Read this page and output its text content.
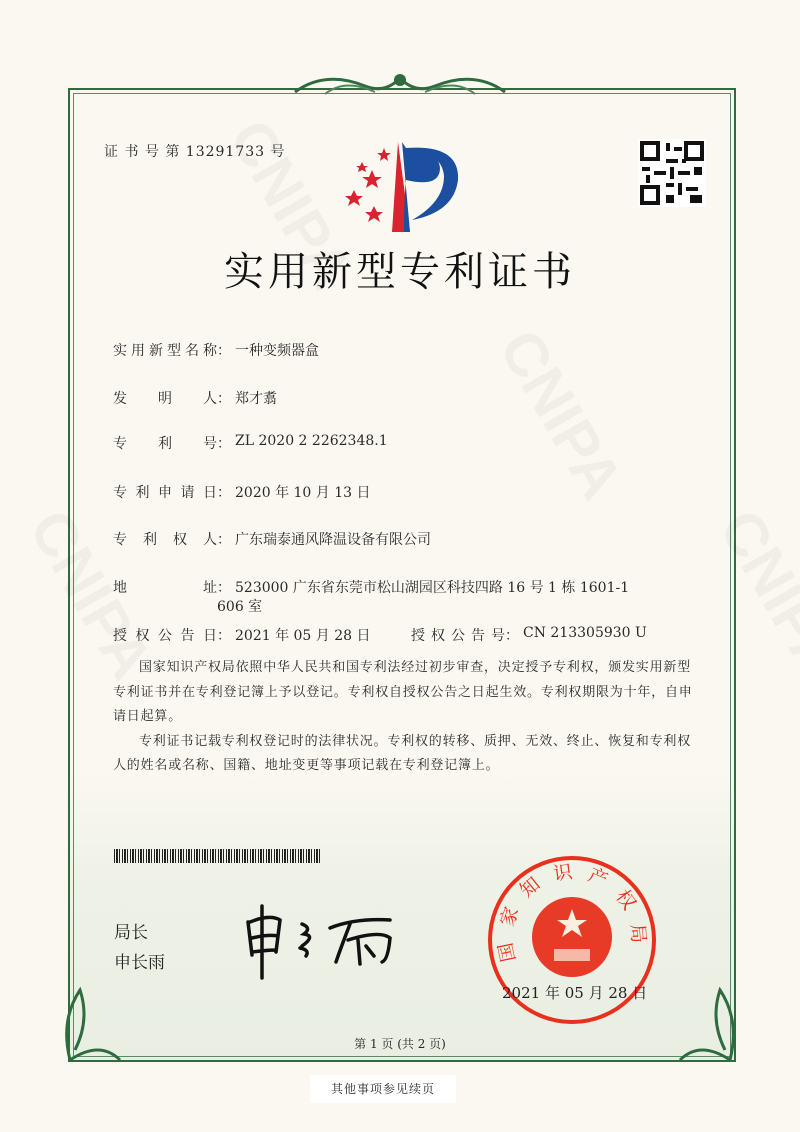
证 书 号 第 13291733 号
实用新型专利证书
实 用 新 型 名 称 ： 一种变频器盒
发 明 人 ： 郑才翥
专 利 号 ： ZL 2020 2 2262348.1
专 利 申 请 日 ： 2020 年 10 月 13 日
专 利 权 人 ： 广东瑞泰通风降温设备有限公司
地	址 ： 523000 广东省东莞市松山湖园区科技四路 16 号 1 栋 1601-1
606 室
授 权 公 告 日 ： 2021 年 05 月 28 日	授 权 公 告 号 ： CN 213305930 U

国家知识产权局依照中华人民共和国专利法经过初步审查，决定授予专利权，颁发实用新型专利证书并在专利登记簿上予以登记。专利权自授权公告之日起生效。专利权期限为十年，自申请日起算。

专利证书记载专利权登记时的法律状况。专利权的转移、质押、无效、终止、恢复和专利权人的姓名或名称、国籍、地址变更等事项记载在专利登记簿上。

局长
申长雨	国家知识产权局
2021 年 05 月 28 日
第 1 页 (共 2 页)
其他事项参见续页
